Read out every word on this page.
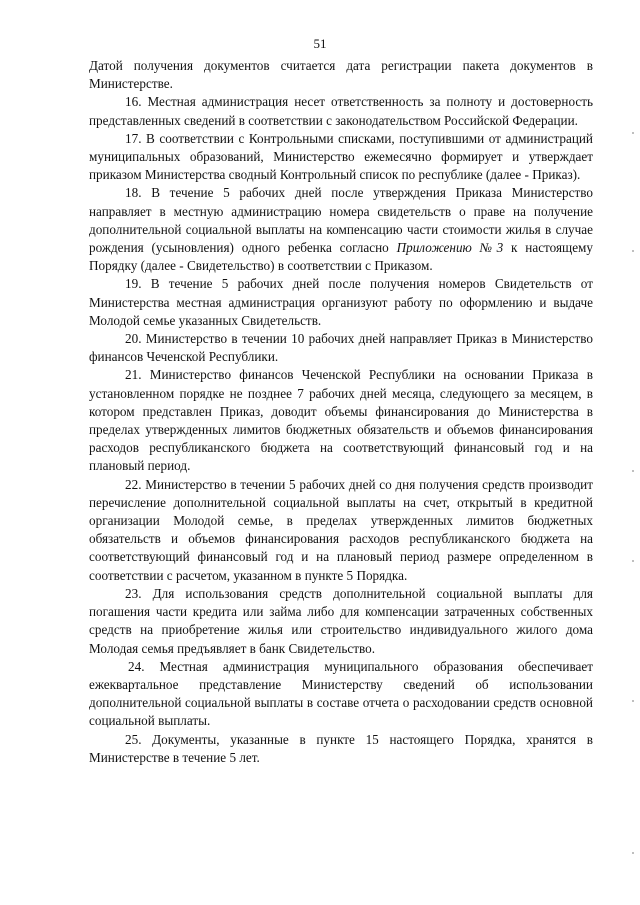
51

Датой получения документов считается дата регистрации пакета документов в Министерстве.

16. Местная администрация несет ответственность за полноту и достоверность представленных сведений в соответствии с законодательством Российской Федерации.

17. В соответствии с Контрольными списками, поступившими от администраций муниципальных образований, Министерство ежемесячно формирует и утверждает приказом Министерства сводный Контрольный список по республике (далее - Приказ).

18. В течение 5 рабочих дней после утверждения Приказа Министерство направляет в местную администрацию номера свидетельств о праве на получение дополнительной социальной выплаты на компенсацию части стоимости жилья в случае рождения (усыновления) одного ребенка согласно Приложению №3 к настоящему Порядку (далее - Свидетельство) в соответствии с Приказом.

19. В течение 5 рабочих дней после получения номеров Свидетельств от Министерства местная администрация организуют работу по оформлению и выдаче Молодой семье указанных Свидетельств.

20. Министерство в течении 10 рабочих дней направляет Приказ в Министерство финансов Чеченской Республики.

21. Министерство финансов Чеченской Республики на основании Приказа в установленном порядке не позднее 7 рабочих дней месяца, следующего за месяцем, в котором представлен Приказ, доводит объемы финансирования до Министерства в пределах утвержденных лимитов бюджетных обязательств и объемов финансирования расходов республиканского бюджета на соответствующий финансовый год и на плановый период.

22. Министерство в течении 5 рабочих дней со дня получения средств производит перечисление дополнительной социальной выплаты на счет, открытый в кредитной организации Молодой семье, в пределах утвержденных лимитов бюджетных обязательств и объемов финансирования расходов республиканского бюджета на соответствующий финансовый год и на плановый период размере определенном в соответствии с расчетом, указанном в пункте 5 Порядка.

23. Для использования средств дополнительной социальной выплаты для погашения части кредита или займа либо для компенсации затраченных собственных средств на приобретение жилья или строительство индивидуального жилого дома Молодая семья предъявляет в банк Свидетельство.

24. Местная администрация муниципального образования обеспечивает ежеквартальное представление Министерству сведений об использовании дополнительной социальной выплаты в составе отчета о расходовании средств основной социальной выплаты.

25. Документы, указанные в пункте 15 настоящего Порядка, хранятся в Министерстве в течение 5 лет.
